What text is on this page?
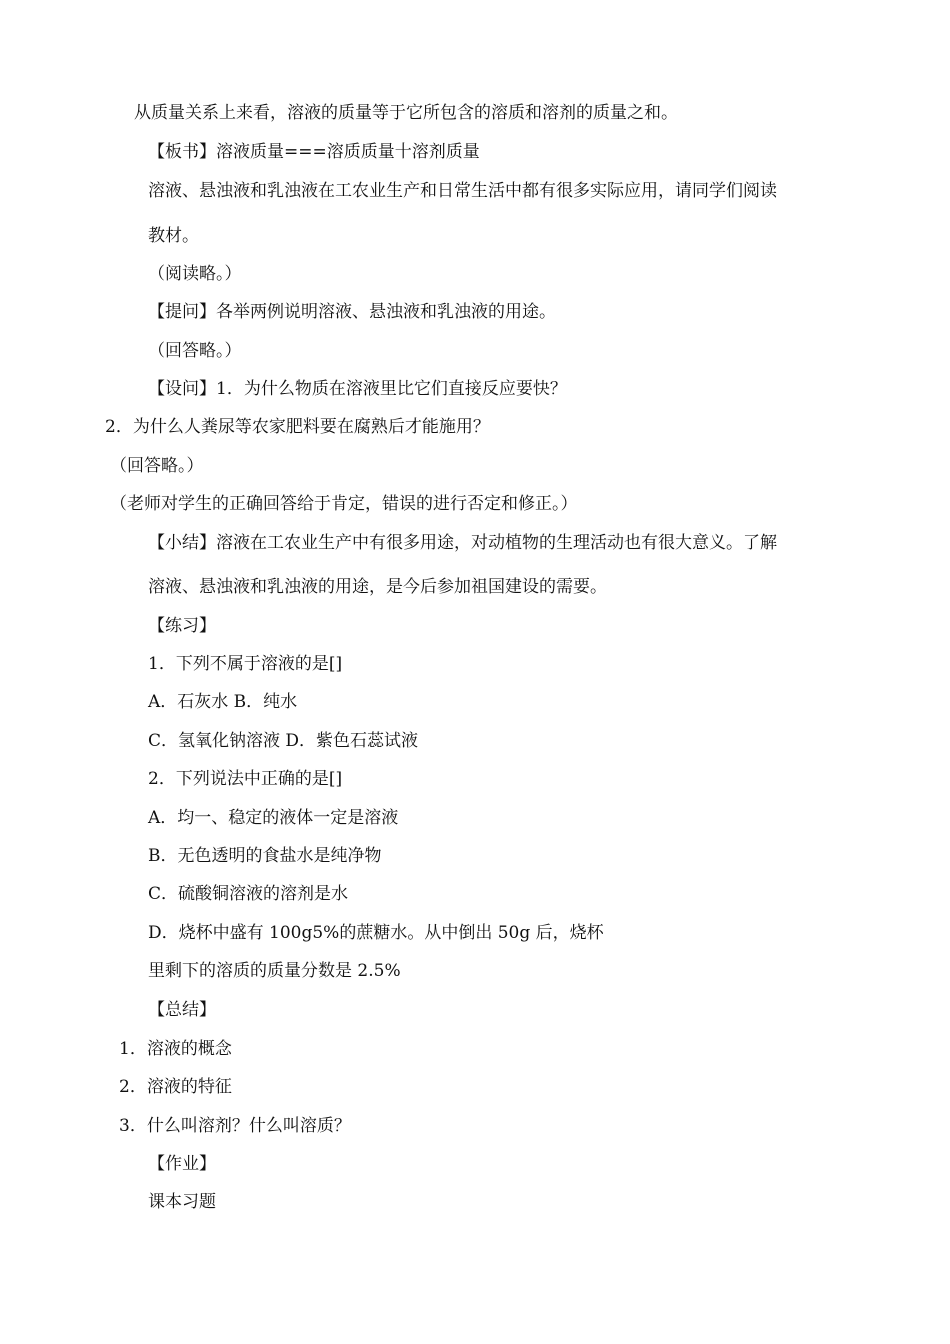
从质量关系上来看，溶液的质量等于它所包含的溶质和溶剂的质量之和。
【板书】溶液质量===溶质质量十溶剂质量
溶液、悬浊液和乳浊液在工农业生产和日常生活中都有很多实际应用，请同学们阅读
教材。
（阅读略。）
【提问】各举两例说明溶液、悬浊液和乳浊液的用途。
（回答略。）
【设问】1．为什么物质在溶液里比它们直接反应要快？
2．为什么人粪尿等农家肥料要在腐熟后才能施用？
（回答略。）
（老师对学生的正确回答给于肯定，错误的进行否定和修正。）
【小结】溶液在工农业生产中有很多用途，对动植物的生理活动也有很大意义。了解
溶液、悬浊液和乳浊液的用途，是今后参加祖国建设的需要。
【练习】
1．下列不属于溶液的是[]
A．石灰水 B．纯水
C．氢氧化钠溶液 D．紫色石蕊试液
2．下列说法中正确的是[]
A．均一、稳定的液体一定是溶液
B．无色透明的食盐水是纯净物
C．硫酸铜溶液的溶剂是水
D．烧杯中盛有 100g5%的蔗糖水。从中倒出 50g 后，烧杯
里剩下的溶质的质量分数是 2.5%
【总结】
1．溶液的概念
2．溶液的特征
3．什么叫溶剂？什么叫溶质？
【作业】
课本习题
